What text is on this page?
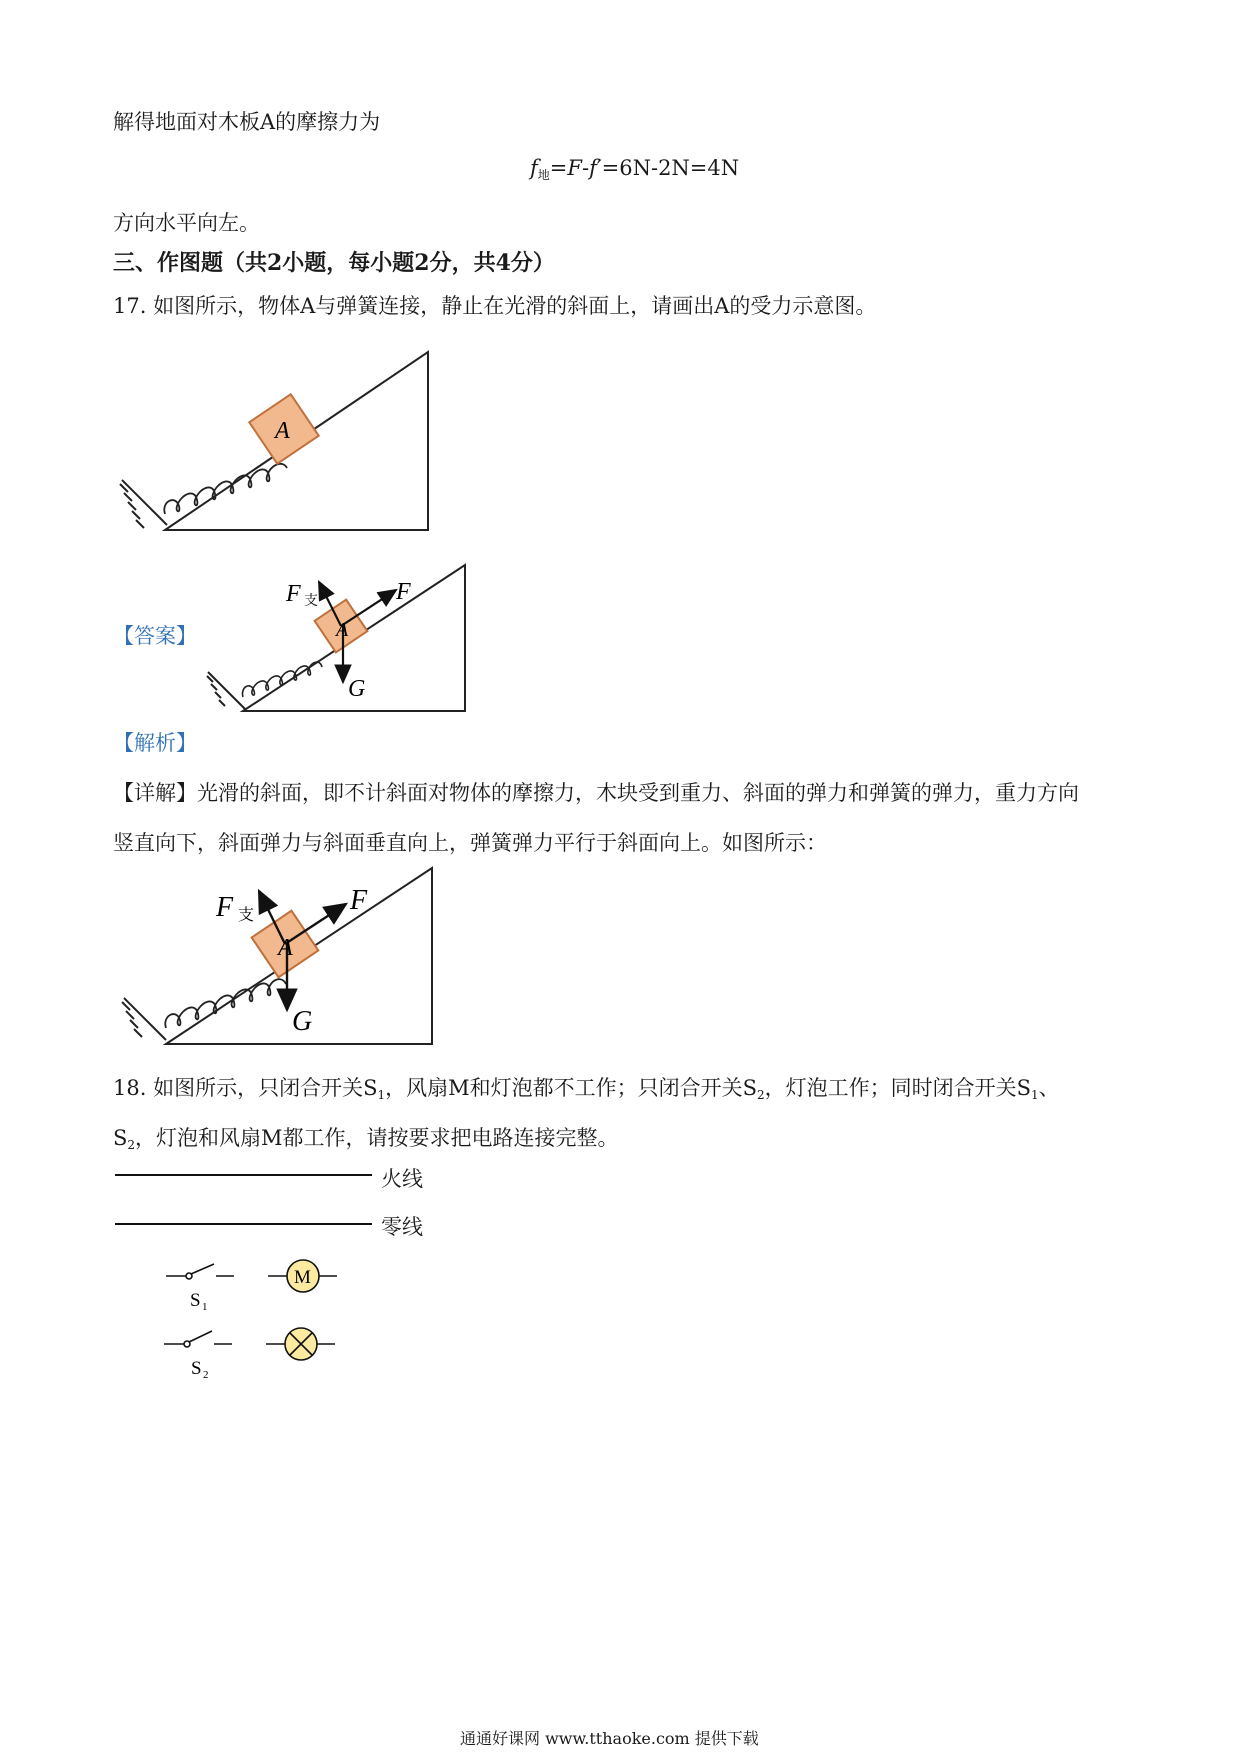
解得地面对木板A的摩擦力为
$f_地=F-f'=6N-2N=4N$
方向水平向左。
三、作图题（共2小题，每小题2分，共4分）
17. 如图所示，物体A与弹簧连接，静止在光滑的斜面上，请画出A的受力示意图。
A
【答案】	A
F
F 支
G
【解析】
【详解】光滑的斜面，即不计斜面对物体的摩擦力，木块受到重力、斜面的弹力和弹簧的弹力，重力方向
竖直向下，斜面弹力与斜面垂直向上，弹簧弹力平行于斜面向上。如图所示：
A
F
F 支
G
18. 如图所示，只闭合开关$S_1$，风扇M和灯泡都不工作；只闭合开关$S_2$，灯泡工作；同时闭合开关$S_1$、
$S_2$，灯泡和风扇M都工作，请按要求把电路连接完整。
S 1
M
S 2
火线
零线
通通好课网 www.tthaoke.com 提供下载
